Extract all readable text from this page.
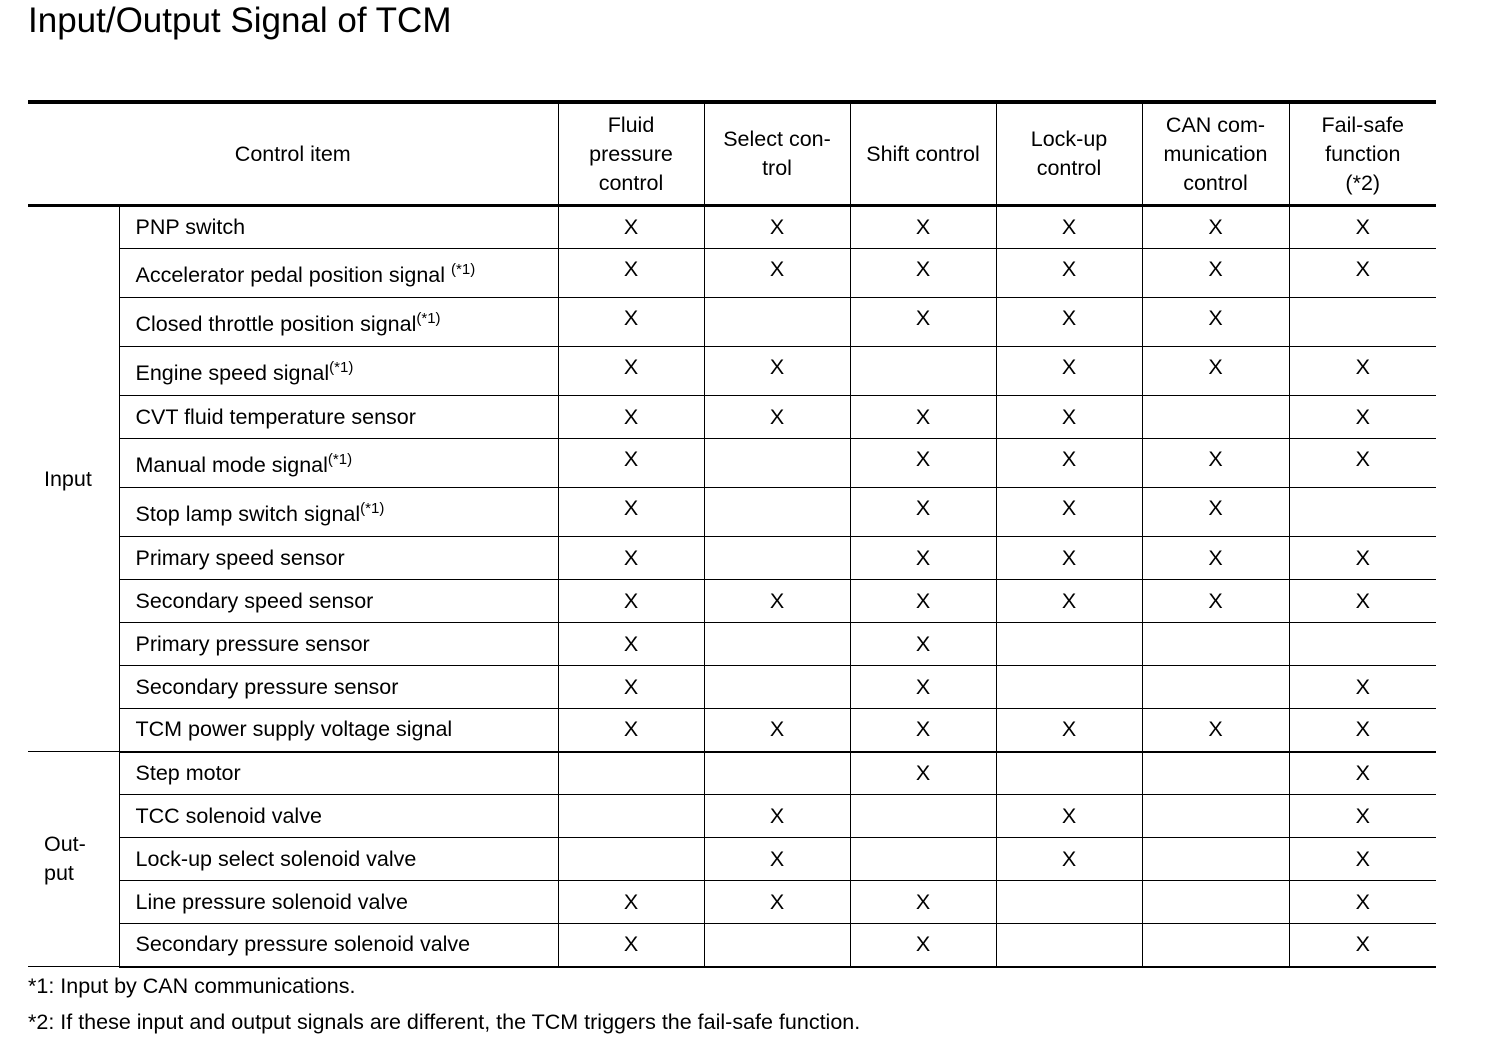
Input/Output Signal of TCM
Control item		Fluid
pressure
control	Select con-
trol	Shift control	Lock-up
control	CAN com-
munication
control	Fail-safe
function
(*2)
Input	PNP switch	X	X	X	X	X	X
	Accelerator pedal position signal $^{(*1)}$	X	X	X	X	X	X
	Closed throttle position signal$^{(*1)}$	X		X	X	X	
	Engine speed signal$^{(*1)}$	X	X		X	X	X
	CVT fluid temperature sensor	X	X	X	X		X
	Manual mode signal$^{(*1)}$	X		X	X	X	X
	Stop lamp switch signal$^{(*1)}$	X		X	X	X	
	Primary speed sensor	X		X	X	X	X
	Secondary speed sensor	X	X	X	X	X	X
	Primary pressure sensor	X		X			
	Secondary pressure sensor	X		X			X
	TCM power supply voltage signal	X	X	X	X	X	X
Out-
put	Step motor			X			X
	TCC solenoid valve		X		X		X
	Lock-up select solenoid valve		X		X		X
	Line pressure solenoid valve	X	X	X			X
	Secondary pressure solenoid valve	X		X			X

*1: Input by CAN communications.

*2: If these input and output signals are different, the TCM triggers the fail-safe function.
